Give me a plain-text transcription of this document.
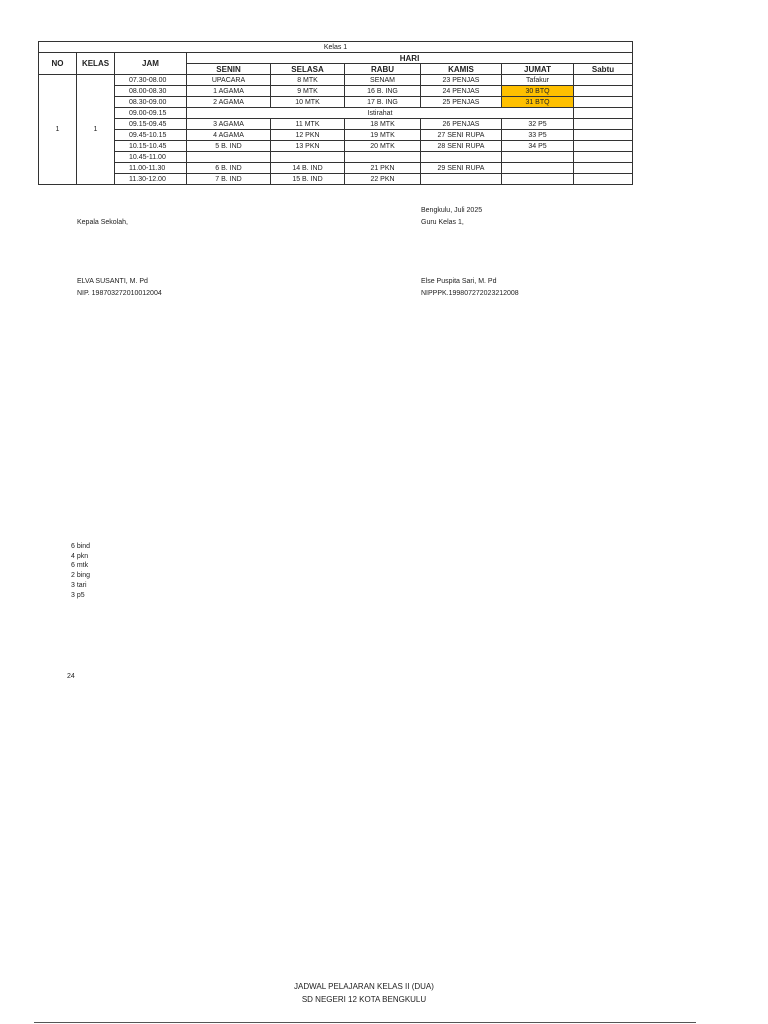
Kelas 1								
NO	KELAS	JAM	HARI					
			SENIN	SELASA	RABU	KAMIS	JUMAT	Sabtu
1	1	07.30-08.00	UPACARA	8 MTK	SENAM	23 PENJAS	Tafakur	
		08.00-08.30	1 AGAMA	9 MTK	16 B. ING	24 PENJAS	30 BTQ	
		08.30-09.00	2 AGAMA	10 MTK	17 B. ING	25 PENJAS	31 BTQ	
		09.00-09.15	Istirahat					
		09.15-09.45	3 AGAMA	11 MTK	18 MTK	26 PENJAS	32 P5	
		09.45-10.15	4 AGAMA	12 PKN	19 MTK	27 SENI RUPA	33 P5	
		10.15-10.45	5 B. IND	13 PKN	20 MTK	28 SENI RUPA	34 P5	
		10.45-11.00						
		11.00-11.30	6 B. IND	14 B. IND	21 PKN	29 SENI RUPA		
		11.30-12.00	7 B. IND	15 B. IND	22 PKN			
Bengkulu, Juli 2025
Kepala Sekolah,	Guru Kelas 1,
ELVA SUSANTI, M. Pd
NIP. 198703272010012004
Else Puspita Sari, M. Pd
NIPPPK.199807272023212008
6 bind
4 pkn
6 mtk
2 bing
3 tari
3 p5
24
JADWAL PELAJARAN KELAS II (DUA)
SD NEGERI 12 KOTA BENGKULU
